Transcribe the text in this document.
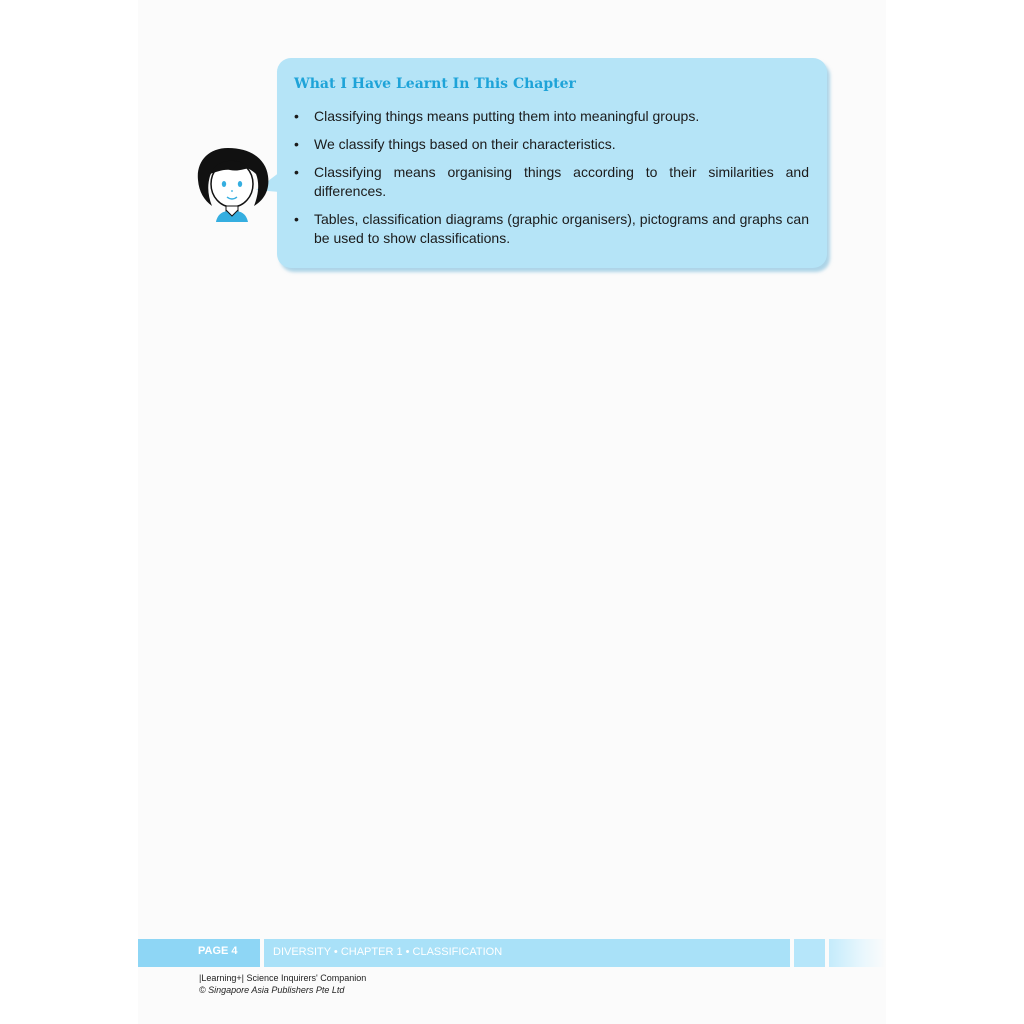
What I Have Learnt In This Chapter
•	Classifying things means putting them into meaningful groups.
•	We classify things based on their characteristics.
•	Classifying means organising things according to their similarities and differences.
•	Tables, classification diagrams (graphic organisers), pictograms and graphs can be used to show classifications.
PAGE 4	DIVERSITY • CHAPTER 1 • CLASSIFICATION
|Learning+| Science Inquirers' Companion
© Singapore Asia Publishers Pte Ltd
